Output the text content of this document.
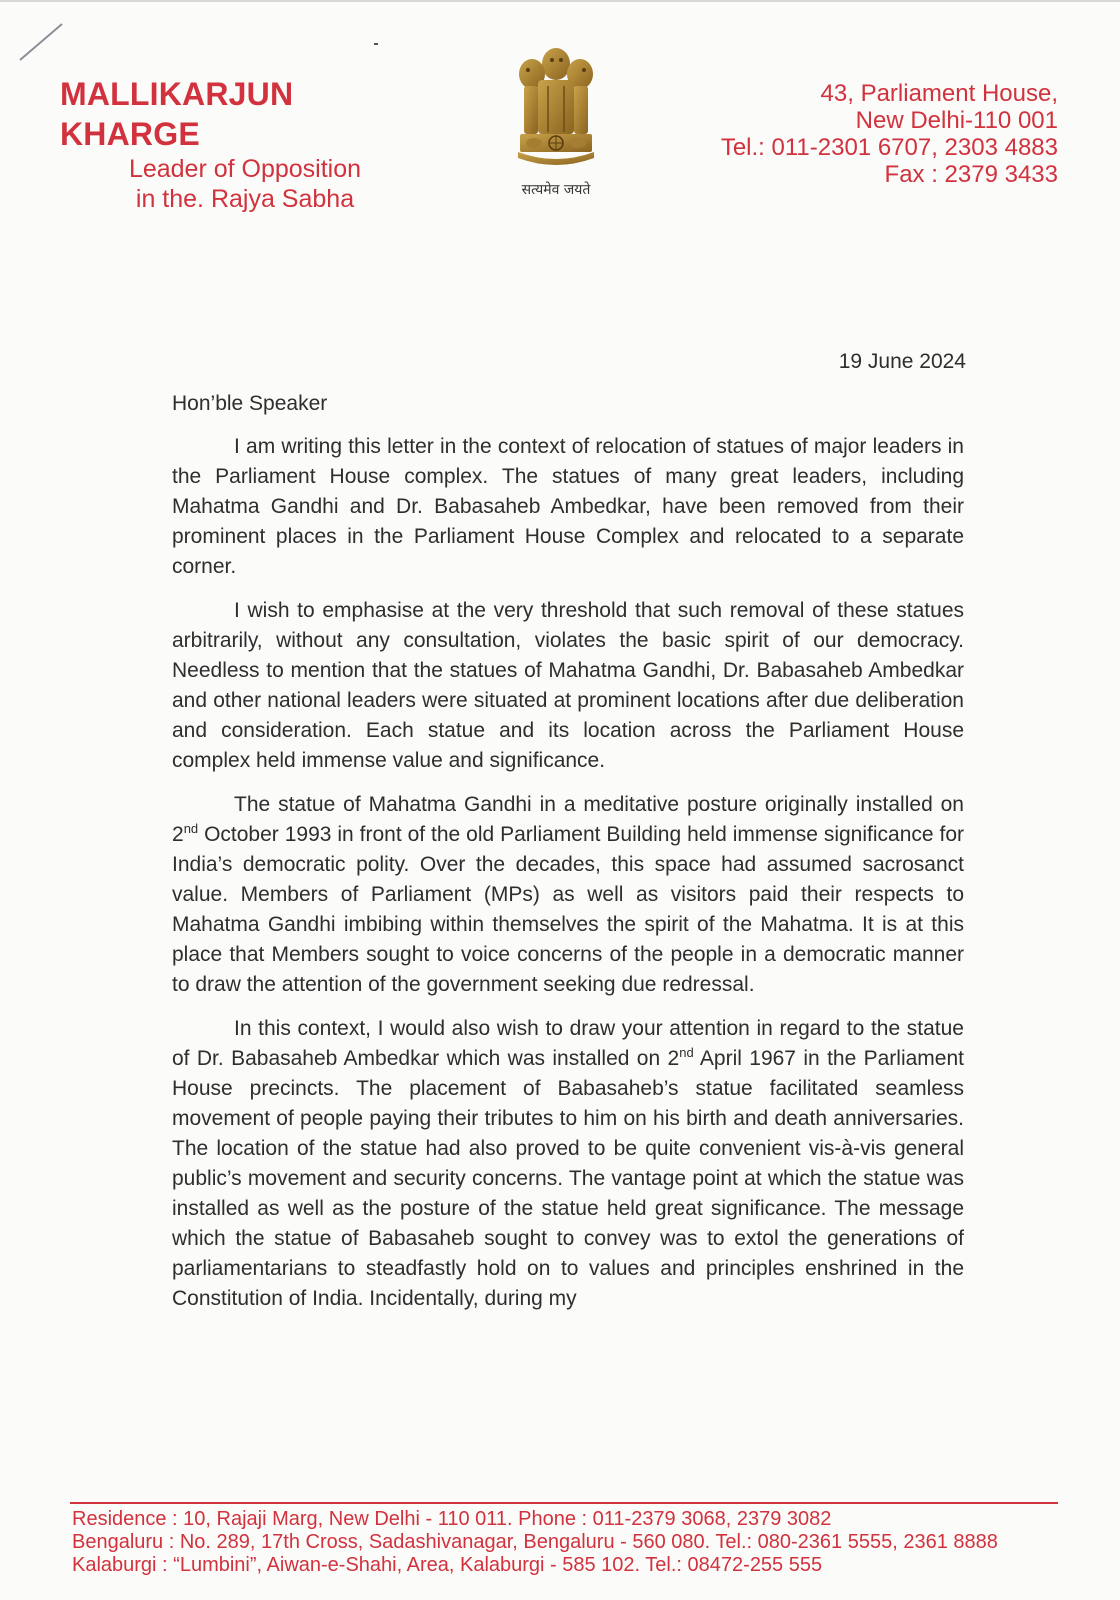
MALLIKARJUN KHARGE
Leader of Opposition
in the. Rajya Sabha	सत्यमेव जयते
43, Parliament House,
New Delhi-110 001
Tel.: 011-2301 6707, 2303 4883
Fax : 2379 3433
19 June 2024
Hon’ble Speaker

I am writing this letter in the context of relocation of statues of major leaders in the Parliament House complex. The statues of many great leaders, including Mahatma Gandhi and Dr. Babasaheb Ambedkar, have been removed from their prominent places in the Parliament House Complex and relocated to a separate corner.

I wish to emphasise at the very threshold that such removal of these statues arbitrarily, without any consultation, violates the basic spirit of our democracy. Needless to mention that the statues of Mahatma Gandhi, Dr. Babasaheb Ambedkar and other national leaders were situated at prominent locations after due deliberation and consideration. Each statue and its location across the Parliament House complex held immense value and significance.

The statue of Mahatma Gandhi in a meditative posture originally installed on 2nd October 1993 in front of the old Parliament Building held immense significance for India’s democratic polity. Over the decades, this space had assumed sacrosanct value. Members of Parliament (MPs) as well as visitors paid their respects to Mahatma Gandhi imbibing within themselves the spirit of the Mahatma. It is at this place that Members sought to voice concerns of the people in a democratic manner to draw the attention of the government seeking due redressal.

In this context, I would also wish to draw your attention in regard to the statue of Dr. Babasaheb Ambedkar which was installed on 2nd April 1967 in the Parliament House precincts. The placement of Babasaheb’s statue facilitated seamless movement of people paying their tributes to him on his birth and death anniversaries. The location of the statue had also proved to be quite convenient vis-à-vis general public’s movement and security concerns. The vantage point at which the statue was installed as well as the posture of the statue held great significance. The message which the statue of Babasaheb sought to convey was to extol the generations of parliamentarians to steadfastly hold on to values and principles enshrined in the Constitution of India. Incidentally, during my

Residence : 10, Rajaji Marg, New Delhi - 110 011. Phone : 011-2379 3068, 2379 3082
Bengaluru : No. 289, 17th Cross, Sadashivanagar, Bengaluru - 560 080. Tel.: 080-2361 5555, 2361 8888
Kalaburgi : “Lumbini”, Aiwan-e-Shahi, Area, Kalaburgi - 585 102. Tel.: 08472-255 555
